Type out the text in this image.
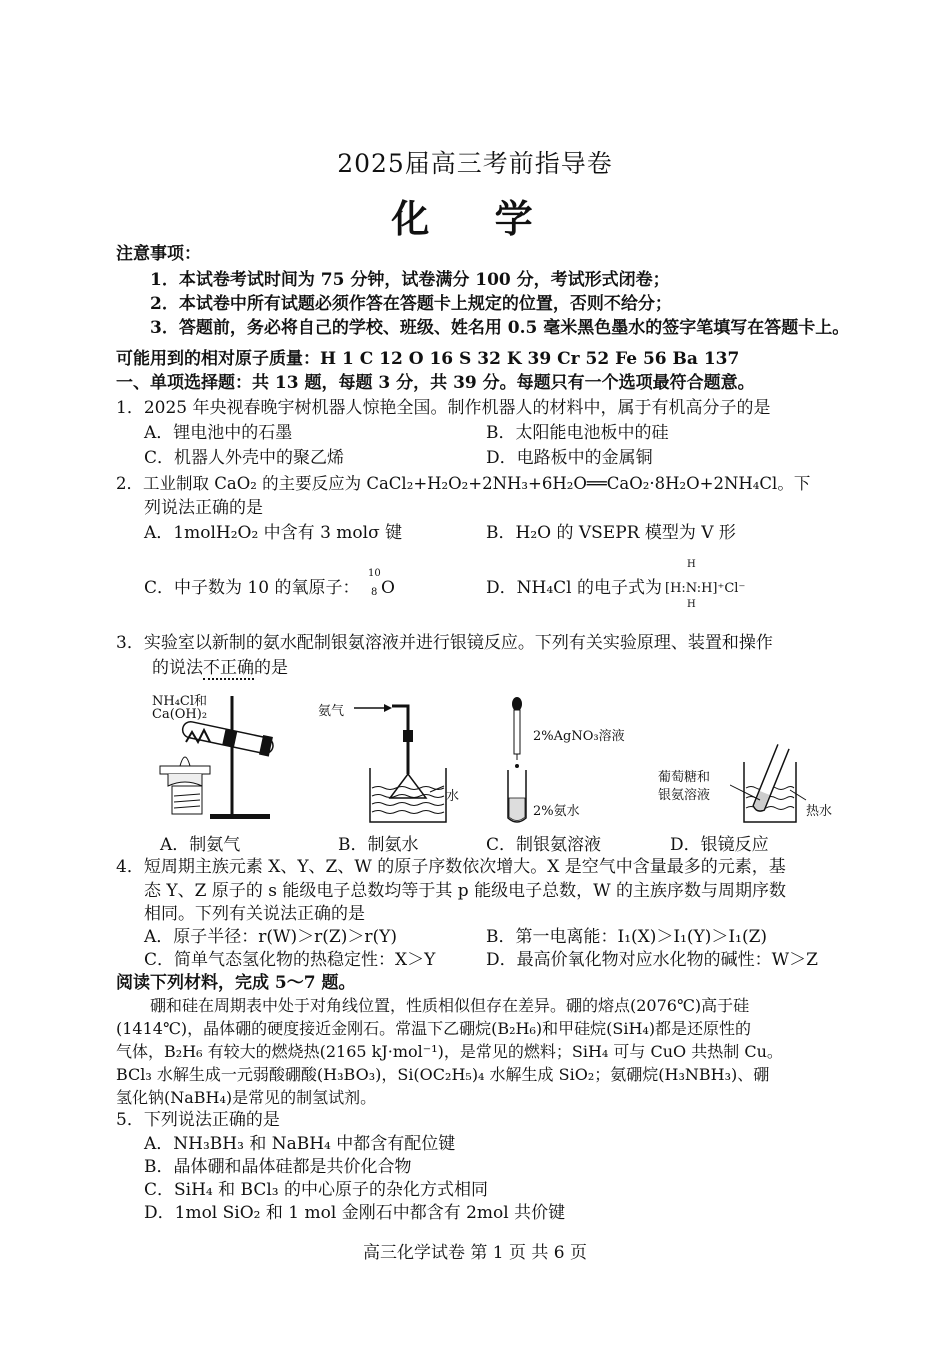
2025届高三考前指导卷
化 学
注意事项：
1．本试卷考试时间为 75 分钟，试卷满分 100 分，考试形式闭卷；
2．本试卷中所有试题必须作答在答题卡上规定的位置，否则不给分；
3．答题前，务必将自己的学校、班级、姓名用 0.5 毫米黑色墨水的签字笔填写在答题卡上。
可能用到的相对原子质量：H 1 C 12 O 16 S 32 K 39 Cr 52 Fe 56 Ba 137
一、单项选择题：共 13 题，每题 3 分，共 39 分。每题只有一个选项最符合题意。
1．2025 年央视春晚宇树机器人惊艳全国。制作机器人的材料中，属于有机高分子的是
A．锂电池中的石墨	B．太阳能电池板中的硅
C．机器人外壳中的聚乙烯	D．电路板中的金属铜
2．工业制取 CaO₂ 的主要反应为 CaCl₂+H₂O₂+2NH₃+6H₂O══CaO₂·8H₂O+2NH₄Cl。下
列说法正确的是
A．1molH₂O₂ 中含有 3 molσ 键	B．H₂O 的 VSEPR 模型为 V 形
C．中子数为 10 的氧原子：
10
8 O	D．NH₄Cl 的电子式为 [H:N:H]⁺Cl⁻
H
H
3．实验室以新制的氨水配制银氨溶液并进行银镜反应。下列有关实验原理、装置和操作
的说法不正确的是
NH₄Cl和
Ca(OH)₂	氨气
水
2%AgNO₃溶液
2%氨水
葡萄糖和
银氨溶液
热水
A．制氨气	B．制氨水	C．制银氨溶液	D．银镜反应
4．短周期主族元素 X、Y、Z、W 的原子序数依次增大。X 是空气中含量最多的元素，基
态 Y、Z 原子的 s 能级电子总数均等于其 p 能级电子总数，W 的主族序数与周期序数
相同。下列有关说法正确的是
A．原子半径：r(W)＞r(Z)＞r(Y)	B．第一电离能：I₁(X)＞I₁(Y)＞I₁(Z)
C．简单气态氢化物的热稳定性：X＞Y	D．最高价氧化物对应水化物的碱性：W＞Z
阅读下列材料，完成 5～7 题。
硼和硅在周期表中处于对角线位置，性质相似但存在差异。硼的熔点(2076℃)高于硅
(1414℃)，晶体硼的硬度接近金刚石。常温下乙硼烷(B₂H₆)和甲硅烷(SiH₄)都是还原性的
气体，B₂H₆ 有较大的燃烧热(2165 kJ·mol⁻¹)，是常见的燃料；SiH₄ 可与 CuO 共热制 Cu。
BCl₃ 水解生成一元弱酸硼酸(H₃BO₃)，Si(OC₂H₅)₄ 水解生成 SiO₂；氨硼烷(H₃NBH₃)、硼
氢化钠(NaBH₄)是常见的制氢试剂。
5．下列说法正确的是
A．NH₃BH₃ 和 NaBH₄ 中都含有配位键
B．晶体硼和晶体硅都是共价化合物
C．SiH₄ 和 BCl₃ 的中心原子的杂化方式相同
D．1mol SiO₂ 和 1 mol 金刚石中都含有 2mol 共价键
高三化学试卷 第 1 页 共 6 页
